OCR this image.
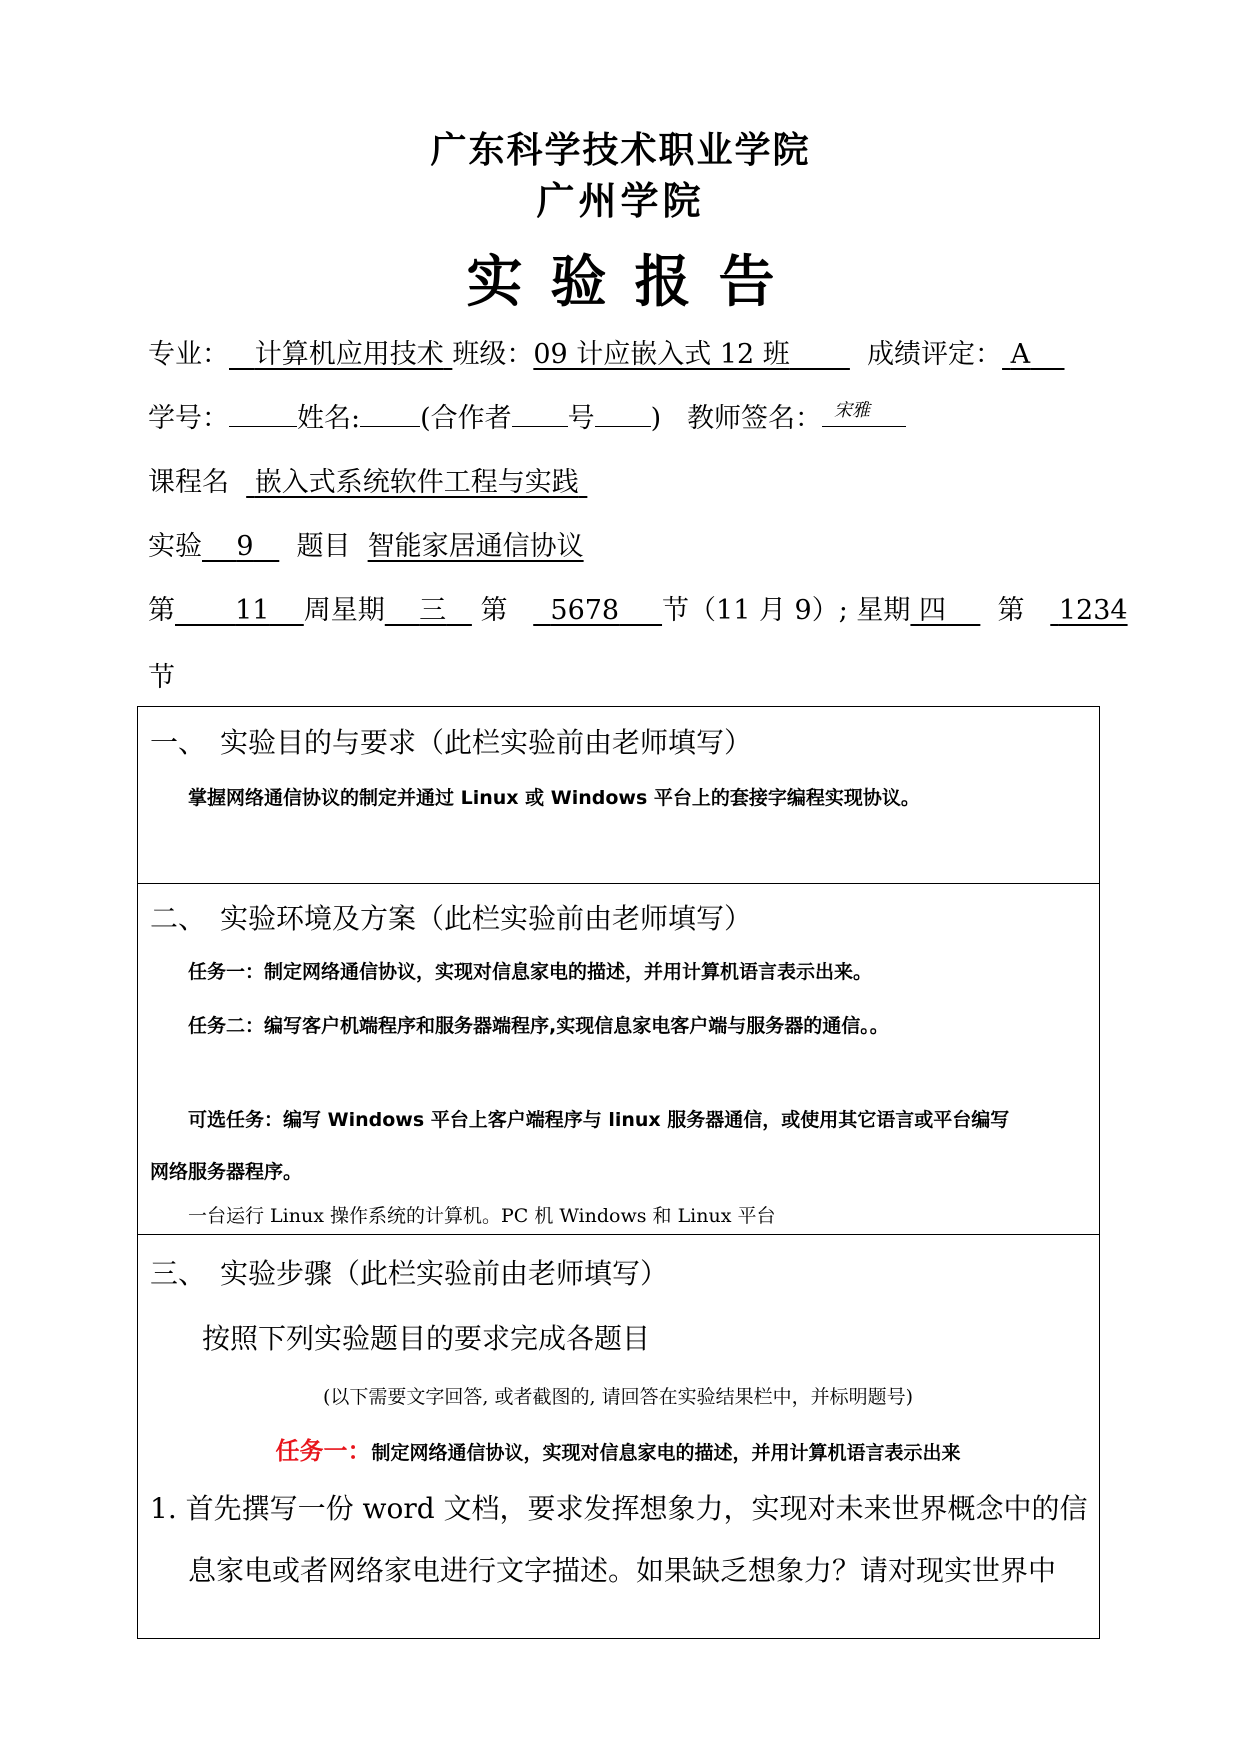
广东科学技术职业学院
广州学院
实验报告
专业： 计算机应用技术 班级：09 计应嵌入式 12 班	成绩评定： A
学号：	姓名: (合作者 号 ) 教师签名： 宋雅
课程名 嵌入式系统软件工程与实践
实验 9 题目 智能家居通信协议
第 11 周星期 三 第 5678 节（11 月 9）; 星期 四 第 1234
节
一、　实验目的与要求（此栏实验前由老师填写）
掌握网络通信协议的制定并通过 Linux 或 Windows 平台上的套接字编程实现协议。
二、　实验环境及方案（此栏实验前由老师填写）
任务一：制定网络通信协议，实现对信息家电的描述，并用计算机语言表示出来。
任务二：编写客户机端程序和服务器端程序,实现信息家电客户端与服务器的通信。。
可选任务：编写 Windows 平台上客户端程序与 linux 服务器通信，或使用其它语言或平台编写
网络服务器程序。
一台运行 Linux 操作系统的计算机。PC 机 Windows 和 Linux 平台
三、　实验步骤（此栏实验前由老师填写）
按照下列实验题目的要求完成各题目
(以下需要文字回答, 或者截图的, 请回答在实验结果栏中，并标明题号)
任务一：制定网络通信协议，实现对信息家电的描述，并用计算机语言表示出来
1. 首先撰写一份 word 文档，要求发挥想象力，实现对未来世界概念中的信
息家电或者网络家电进行文字描述。如果缺乏想象力？请对现实世界中
